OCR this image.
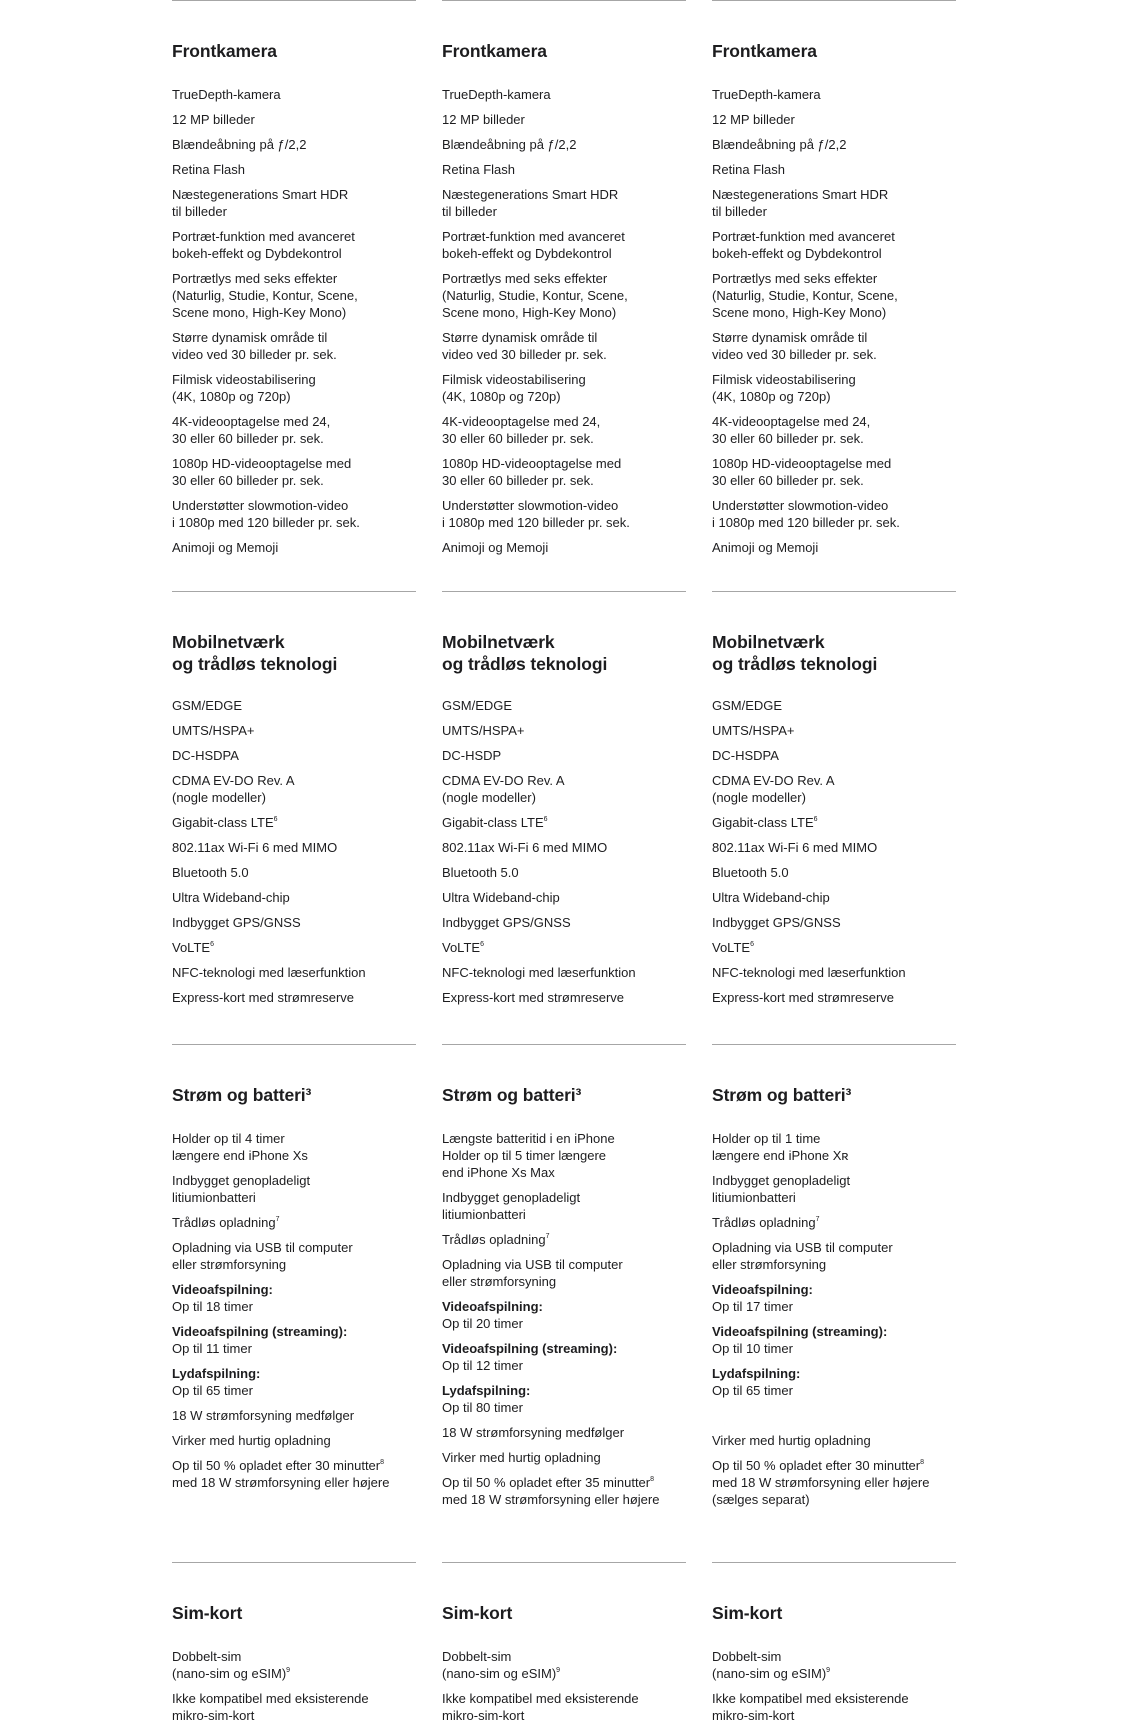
Frontkamera
TrueDepth-kamera
12 MP billeder
Blændeåbning på ƒ/2,2
Retina Flash
Næstegenerations Smart HDR
til billeder
Portræt-funktion med avanceret
bokeh-effekt og Dybdekontrol
Portrætlys med seks effekter
(Naturlig, Studie, Kontur, Scene,
Scene mono, High-Key Mono)
Større dynamisk område til
video ved 30 billeder pr. sek.
Filmisk videostabilisering
(4K, 1080p og 720p)
4K-videooptagelse med 24,
30 eller 60 billeder pr. sek.
1080p HD-videooptagelse med
30 eller 60 billeder pr. sek.
Understøtter slowmotion-video
i 1080p med 120 billeder pr. sek.
Animoji og Memoji
Frontkamera
TrueDepth-kamera
12 MP billeder
Blændeåbning på ƒ/2,2
Retina Flash
Næstegenerations Smart HDR
til billeder
Portræt-funktion med avanceret
bokeh-effekt og Dybdekontrol
Portrætlys med seks effekter
(Naturlig, Studie, Kontur, Scene,
Scene mono, High-Key Mono)
Større dynamisk område til
video ved 30 billeder pr. sek.
Filmisk videostabilisering
(4K, 1080p og 720p)
4K-videooptagelse med 24,
30 eller 60 billeder pr. sek.
1080p HD-videooptagelse med
30 eller 60 billeder pr. sek.
Understøtter slowmotion-video
i 1080p med 120 billeder pr. sek.
Animoji og Memoji
Frontkamera
TrueDepth-kamera
12 MP billeder
Blændeåbning på ƒ/2,2
Retina Flash
Næstegenerations Smart HDR
til billeder
Portræt-funktion med avanceret
bokeh-effekt og Dybdekontrol
Portrætlys med seks effekter
(Naturlig, Studie, Kontur, Scene,
Scene mono, High-Key Mono)
Større dynamisk område til
video ved 30 billeder pr. sek.
Filmisk videostabilisering
(4K, 1080p og 720p)
4K-videooptagelse med 24,
30 eller 60 billeder pr. sek.
1080p HD-videooptagelse med
30 eller 60 billeder pr. sek.
Understøtter slowmotion-video
i 1080p med 120 billeder pr. sek.
Animoji og Memoji
Mobilnetværk
og trådløs teknologi
GSM/EDGE
UMTS/HSPA+
DC-HSDPA
CDMA EV-DO Rev. A
(nogle modeller)
Gigabit-class LTE$^6$
802.11ax Wi-Fi 6 med MIMO
Bluetooth 5.0
Ultra Wideband-chip
Indbygget GPS/GNSS
VoLTE$^6$
NFC-teknologi med læserfunktion
Express-kort med strømreserve
Mobilnetværk
og trådløs teknologi
GSM/EDGE
UMTS/HSPA+
DC-HSDP
CDMA EV-DO Rev. A
(nogle modeller)
Gigabit-class LTE$^6$
802.11ax Wi-Fi 6 med MIMO
Bluetooth 5.0
Ultra Wideband-chip
Indbygget GPS/GNSS
VoLTE$^6$
NFC-teknologi med læserfunktion
Express-kort med strømreserve
Mobilnetværk
og trådløs teknologi
GSM/EDGE
UMTS/HSPA+
DC-HSDPA
CDMA EV-DO Rev. A
(nogle modeller)
Gigabit-class LTE$^6$
802.11ax Wi-Fi 6 med MIMO
Bluetooth 5.0
Ultra Wideband-chip
Indbygget GPS/GNSS
VoLTE$^6$
NFC-teknologi med læserfunktion
Express-kort med strømreserve
Strøm og batteri³
Holder op til 4 timer
længere end iPhone Xs
Indbygget genopladeligt
litiumionbatteri
Trådløs opladning$^7$
Opladning via USB til computer
eller strømforsyning
Videoafspilning:
Op til 18 timer
Videoafspilning (streaming):
Op til 11 timer
Lydafspilning:
Op til 65 timer
18 W strømforsyning medfølger
Virker med hurtig opladning
Op til 50 % opladet efter 30 minutter$^8$
med 18 W strømforsyning eller højere
Strøm og batteri³
Længste batteritid i en iPhone
Holder op til 5 timer længere
end iPhone Xs Max
Indbygget genopladeligt
litiumionbatteri
Trådløs opladning$^7$
Opladning via USB til computer
eller strømforsyning
Videoafspilning:
Op til 20 timer
Videoafspilning (streaming):
Op til 12 timer
Lydafspilning:
Op til 80 timer
18 W strømforsyning medfølger
Virker med hurtig opladning
Op til 50 % opladet efter 35 minutter$^8$
med 18 W strømforsyning eller højere
Strøm og batteri³
Holder op til 1 time
længere end iPhone Xʀ
Indbygget genopladeligt
litiumionbatteri
Trådløs opladning$^7$
Opladning via USB til computer
eller strømforsyning
Videoafspilning:
Op til 17 timer
Videoafspilning (streaming):
Op til 10 timer
Lydafspilning:
Op til 65 timer
Virker med hurtig opladning
Op til 50 % opladet efter 30 minutter$^8$
med 18 W strømforsyning eller højere
(sælges separat)
Sim-kort
Dobbelt-sim
(nano-sim og eSIM)$^9$
Ikke kompatibel med eksisterende
mikro-sim-kort
Sim-kort
Dobbelt-sim
(nano-sim og eSIM)$^9$
Ikke kompatibel med eksisterende
mikro-sim-kort
Sim-kort
Dobbelt-sim
(nano-sim og eSIM)$^9$
Ikke kompatibel med eksisterende
mikro-sim-kort
